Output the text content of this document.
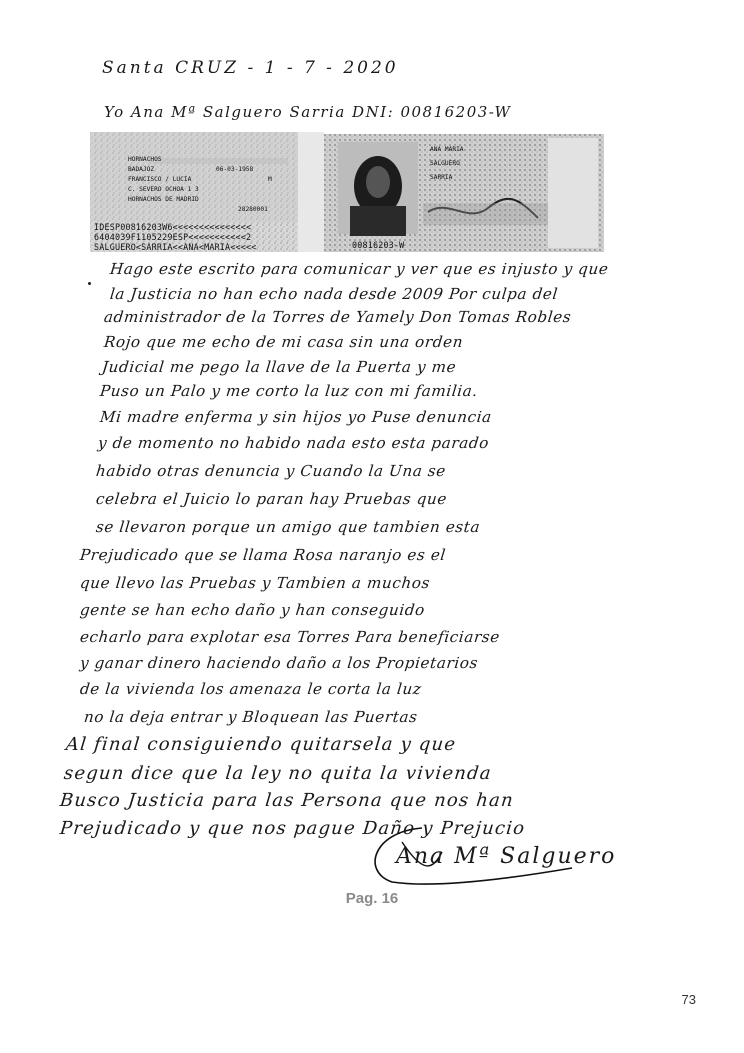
Santa CRUZ - 1 - 7 - 2020
Yo Ana Mª Salguero Sarria DNI: 00816203-W
HORNACHOS
BADAJOZ	06-03-1958
FRANCISCO / LUCIA	M
C. SEVERO OCHOA 1 3
HORNACHOS DE MADRID
28280001
IDESP00816203W6<<<<<<<<<<<<<<<
6404039F1105229ESP<<<<<<<<<<<2
SALGUERO<SARRIA<<ANA<MARIA<<<<<
ANA MARIA
SALGUERO
SARRIA
00816203-W
Hago este escrito para comunicar y ver que es injusto y que
la Justicia no han echo nada desde 2009 Por culpa del
administrador de la Torres de Yamely Don Tomas Robles
Rojo que me echo de mi casa sin una orden
Judicial me pego la llave de la Puerta y me
Puso un Palo y me corto la luz con mi familia.
Mi madre enferma y sin hijos yo Puse denuncia
y de momento no habido nada esto esta parado
habido otras denuncia y Cuando la Una se
celebra el Juicio lo paran hay Pruebas que
se llevaron porque un amigo que tambien esta
Prejudicado que se llama Rosa naranjo es el
que llevo las Pruebas y Tambien a muchos
gente se han echo daño y han conseguido
echarlo para explotar esa Torres Para beneficiarse
y ganar dinero haciendo daño a los Propietarios
de la vivienda los amenaza le corta la luz
no la deja entrar y Bloquean las Puertas
Al final consiguiendo quitarsela y que
segun dice que la ley no quita la vivienda
Busco Justicia para las Persona que nos han
Prejudicado y que nos pague Daño y Prejucio
Ana Mª Salguero
Pag. 16
73
